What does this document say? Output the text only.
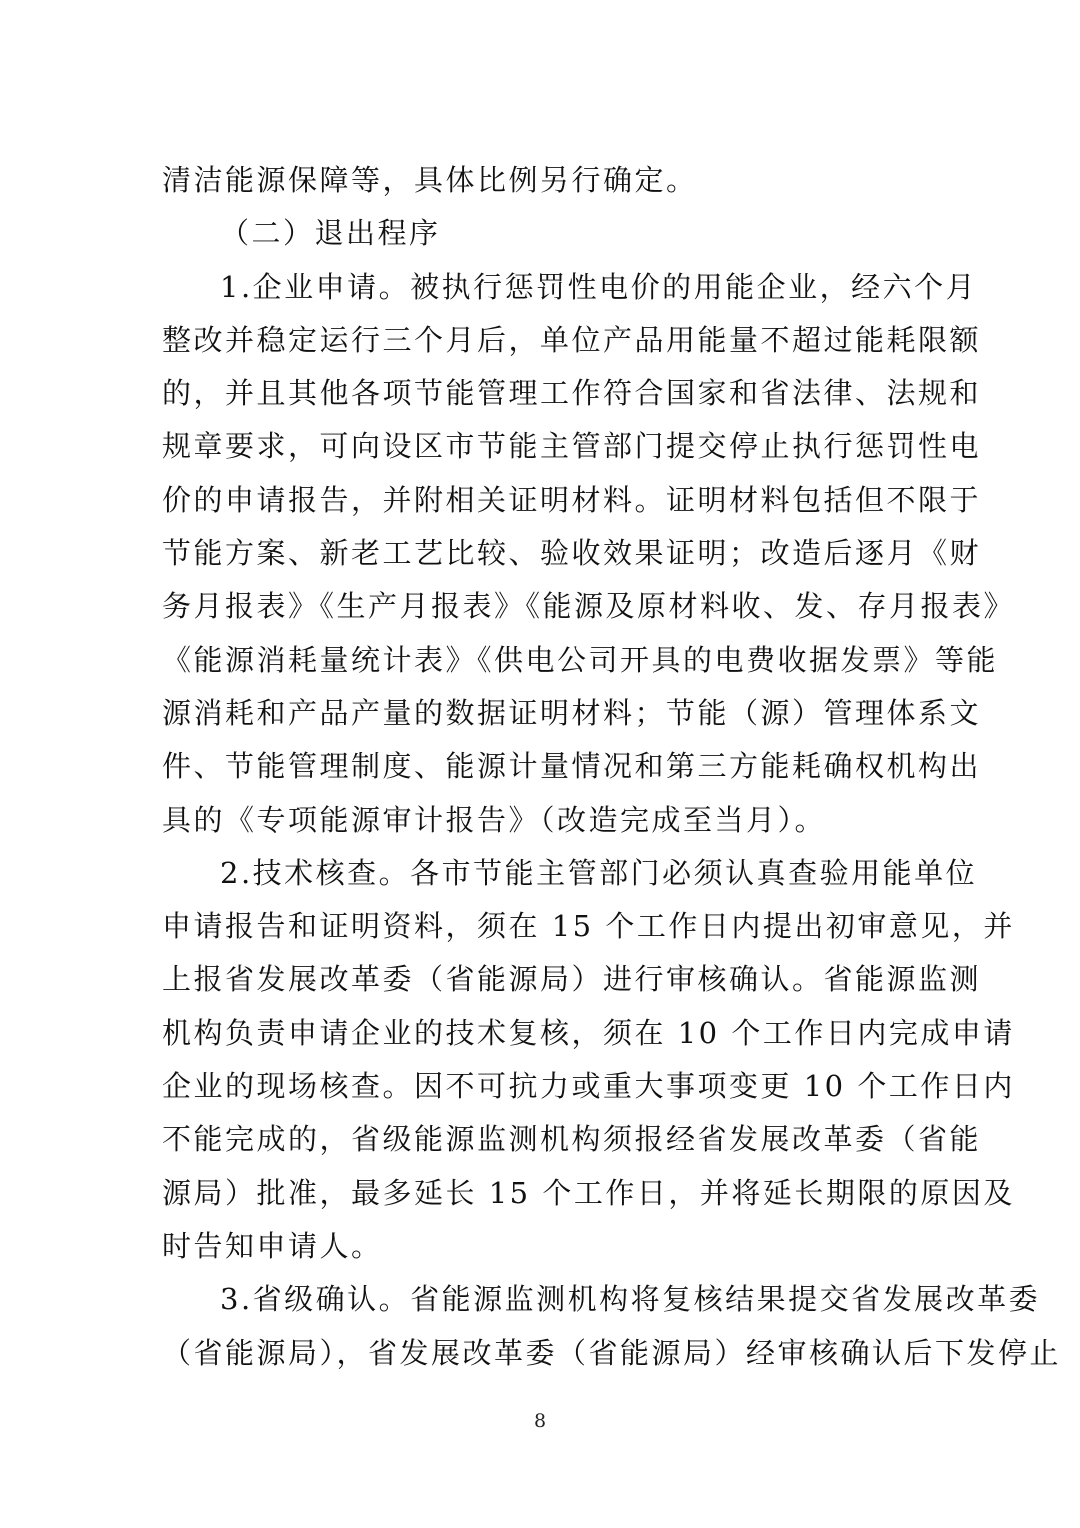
清洁能源保障等，具体比例另行确定。
（二）退出程序
1.企业申请。被执行惩罚性电价的用能企业，经六个月
整改并稳定运行三个月后，单位产品用能量不超过能耗限额
的，并且其他各项节能管理工作符合国家和省法律、法规和
规章要求，可向设区市节能主管部门提交停止执行惩罚性电
价的申请报告，并附相关证明材料。证明材料包括但不限于
节能方案、新老工艺比较、验收效果证明；改造后逐月《财
务月报表》《生产月报表》《能源及原材料收、发、存月报表》
《能源消耗量统计表》《供电公司开具的电费收据发票》等能
源消耗和产品产量的数据证明材料；节能（源）管理体系文
件、节能管理制度、能源计量情况和第三方能耗确权机构出
具的《专项能源审计报告》（改造完成至当月）。
2.技术核查。各市节能主管部门必须认真查验用能单位
申请报告和证明资料，须在 15 个工作日内提出初审意见，并
上报省发展改革委（省能源局）进行审核确认。省能源监测
机构负责申请企业的技术复核，须在 10 个工作日内完成申请
企业的现场核查。因不可抗力或重大事项变更 10 个工作日内
不能完成的，省级能源监测机构须报经省发展改革委（省能
源局）批准，最多延长 15 个工作日，并将延长期限的原因及
时告知申请人。
3.省级确认。省能源监测机构将复核结果提交省发展改革委
（省能源局），省发展改革委（省能源局）经审核确认后下发停止
8
